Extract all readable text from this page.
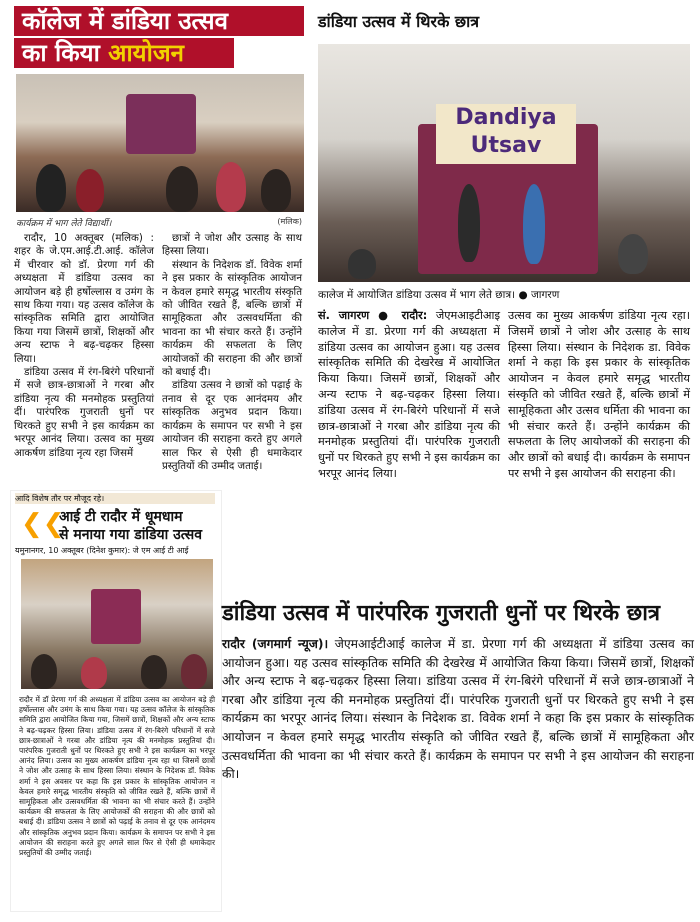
कॉलेज में डांडिया उत्सव
का किया आयोजन
कार्यक्रम में भाग लेते विद्यार्थी।	(मलिक)

रादौर, 10 अक्तूबर (मलिक) : शहर के जे.एम.आई.टी.आई. कॉलेज में चीरवार को डॉ. प्रेरणा गर्ग की अध्यक्षता में डांडिया उत्सव का आयोजन बड़े ही हर्षोल्लास व उमंग के साथ किया गया। यह उत्सव कॉलेज के सांस्कृतिक समिति द्वारा आयोजित किया गया जिसमें छात्रों, शिक्षकों और अन्य स्टाफ ने बढ़-चढ़कर हिस्सा लिया।

डांडिया उत्सव में रंग-बिरंगे परिधानों में सजे छात्र-छात्राओं ने गरबा और डांडिया नृत्य की मनमोहक प्रस्तुतियां दीं। पारंपरिक गुजराती धुनों पर थिरकते हुए सभी ने इस कार्यक्रम का भरपूर आनंद लिया। उत्सव का मुख्य आकर्षण डांडिया नृत्य रहा जिसमें

छात्रों ने जोश और उत्साह के साथ हिस्सा लिया।

संस्थान के निदेशक डॉ. विवेक शर्मा ने इस प्रकार के सांस्कृतिक आयोजन न केवल हमारे समृद्ध भारतीय संस्कृति को जीवित रखते हैं, बल्कि छात्रों में सामूहिकता और उत्सवधर्मिता की भावना का भी संचार करते हैं। उन्होंने कार्यक्रम की सफलता के लिए आयोजकों की सराहना की और छात्रों को बधाई दी।

डांडिया उत्सव ने छात्रों को पढ़ाई के तनाव से दूर एक आनंदमय और सांस्कृतिक अनुभव प्रदान किया। कार्यक्रम के समापन पर सभी ने इस आयोजन की सराहना करते हुए अगले साल फिर से ऐसी ही धमाकेदार प्रस्तुतियों की उम्मीद जताई।

डांडिया उत्सव में थिरके छात्र
Dandiya
Utsav
कालेज में आयोजित डांडिया उत्सव में भाग लेते छात्र। ● जागरण

सं. जागरण ● रादौर: जेएमआइटीआइ कालेज में डा. प्रेरणा गर्ग की अध्यक्षता में डांडिया उत्सव का आयोजन हुआ। यह उत्सव सांस्कृतिक समिति की देखरेख में आयोजित किया किया। जिसमें छात्रों, शिक्षकों और अन्य स्टाफ ने बढ़-चढ़कर हिस्सा लिया। डांडिया उत्सव में रंग-बिरंगे परिधानों में सजे छात्र-छात्राओं ने गरबा और डांडिया नृत्य की मनमोहक प्रस्तुतियां दीं। पारंपरिक गुजराती धुनों पर थिरकते हुए सभी ने इस कार्यक्रम का भरपूर आनंद लिया।

उत्सव का मुख्य आकर्षण डांडिया नृत्य रहा। जिसमें छात्रों ने जोश और उत्साह के साथ हिस्सा लिया। संस्थान के निदेशक डा. विवेक शर्मा ने कहा कि इस प्रकार के सांस्कृतिक आयोजन न केवल हमारे समृद्ध भारतीय संस्कृति को जीवित रखते हैं, बल्कि छात्रों में सामूहिकता और उत्सव धर्मिता की भावना का भी संचार करते हैं। उन्होंने कार्यक्रम की सफलता के लिए आयोजकों की सराहना की और छात्रों को बधाई दी। कार्यक्रम के समापन पर सभी ने इस आयोजन की सराहना की।

आदि विशेष तौर पर मौजूद रहे।
❮❮
आई टी रादौर में धूमधाम
से मनाया गया डांडिया उत्सव
यमुनानगर, 10 अक्तूबर (दिनेश कुमार): जे एम आई टी आई
रादौर में डॉ प्रेरणा गर्ग की अध्यक्षता में डांडिया उत्सव का आयोजन बड़े ही हर्षोल्लास और उमंग के साथ किया गया। यह उत्सव कॉलेज के सांस्कृतिक समिति द्वारा आयोजित किया गया, जिसमें छात्रों, शिक्षकों और अन्य स्टाफ ने बढ़-चढ़कर हिस्सा लिया। डांडिया उत्सव में रंग-बिरंगे परिधानों में सजे छात्र-छात्राओं ने गरबा और डांडिया नृत्य की मनमोहक प्रस्तुतियां दी। पारंपरिक गुजराती धुनों पर थिरकते हुए सभी ने इस कार्यक्रम का भरपूर आनंद लिया। उत्सव का मुख्य आकर्षण डांडिया नृत्य रहा था जिसमें छात्रों ने जोश और उत्साह के साथ हिस्सा लिया। संस्थान के निदेशक डॉ. विवेक शर्मा ने इस अवसर पर कहा कि इस प्रकार के सांस्कृतिक आयोजन न केवल हमारे समृद्ध भारतीय संस्कृति को जीवित रखते हैं, बल्कि छात्रों में सामूहिकता और उत्सवधर्मिता की भावना का भी संचार करते हैं। उन्होंने कार्यक्रम की सफलता के लिए आयोजकों की सराहना की और छात्रों को बधाई दी। डांडिया उत्सव ने छात्रों को पढ़ाई के तनाव से दूर एक आनंदमय और सांस्कृतिक अनुभव प्रदान किया। कार्यक्रम के समापन पर सभी ने इस आयोजन की सराहना करते हुए अगले साल फिर से ऐसी ही धमाकेदार प्रस्तुतियों की उम्मीद जताई।
डांडिया उत्सव में पारंपरिक गुजराती धुनों पर थिरके छात्र
रादौर (जगमार्ग न्यूज)। जेएमआईटीआई कालेज में डा. प्रेरणा गर्ग की अध्यक्षता में डांडिया उत्सव का आयोजन हुआ। यह उत्सव सांस्कृतिक समिति की देखरेख में आयोजित किया किया। जिसमें छात्रों, शिक्षकों और अन्य स्टाफ ने बढ़-चढ़कर हिस्सा लिया। डांडिया उत्सव में रंग-बिरंगे परिधानों में सजे छात्र-छात्राओं ने गरबा और डांडिया नृत्य की मनमोहक प्रस्तुतियां दीं। पारंपरिक गुजराती धुनों पर थिरकते हुए सभी ने इस कार्यक्रम का भरपूर आनंद लिया। संस्थान के निदेशक डा. विवेक शर्मा ने कहा कि इस प्रकार के सांस्कृतिक आयोजन न केवल हमारे समृद्ध भारतीय संस्कृति को जीवित रखते हैं, बल्कि छात्रों में सामूहिकता और उत्सवधर्मिता की भावना का भी संचार करते हैं। कार्यक्रम के समापन पर सभी ने इस आयोजन की सराहना की।
